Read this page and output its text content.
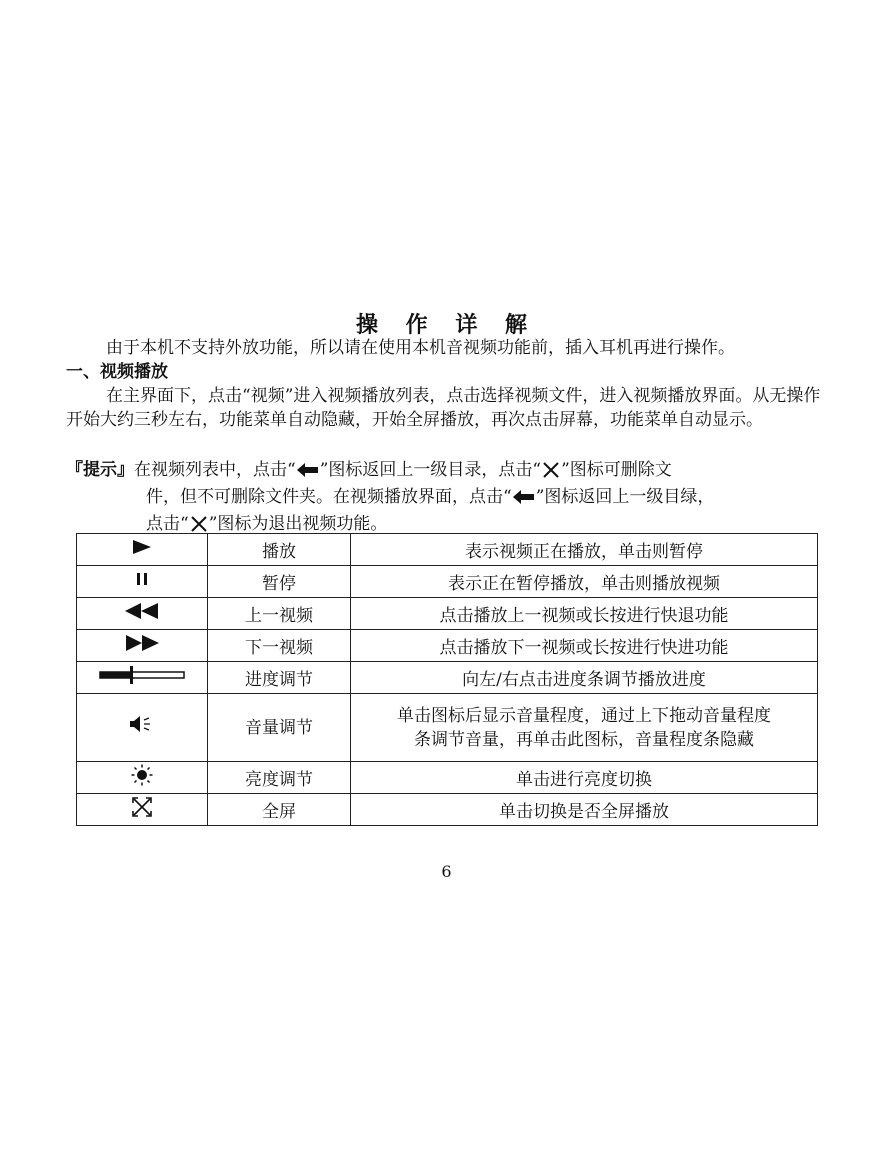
操 作 详 解
由于本机不支持外放功能，所以请在使用本机音视频功能前，插入耳机再进行操作。
一、视频播放
在主界面下，点击“视频”进入视频播放列表，点击选择视频文件，进入视频播放界面。从无操作开始大约三秒左右，功能菜单自动隐藏，开始全屏播放，再次点击屏幕，功能菜单自动显示。
『提示』在视频列表中，点击“ ”图标返回上一级目录，点击“ ”图标可删除文
件，但不可删除文件夹。在视频播放界面，点击“ ”图标返回上一级目绿，
点击“ ”图标为退出视频功能。
	播放	表示视频正在播放，单击则暂停
	暂停	表示正在暂停播放，单击则播放视频
	上一视频	点击播放上一视频或长按进行快退功能
	下一视频	点击播放下一视频或长按进行快进功能
	进度调节	向左/右点击进度条调节播放进度
	音量调节	单击图标后显示音量程度，通过上下拖动音量程度
条调节音量，再单击此图标，音量程度条隐藏

	亮度调节	单击进行亮度切换
	全屏	单击切换是否全屏播放
6
